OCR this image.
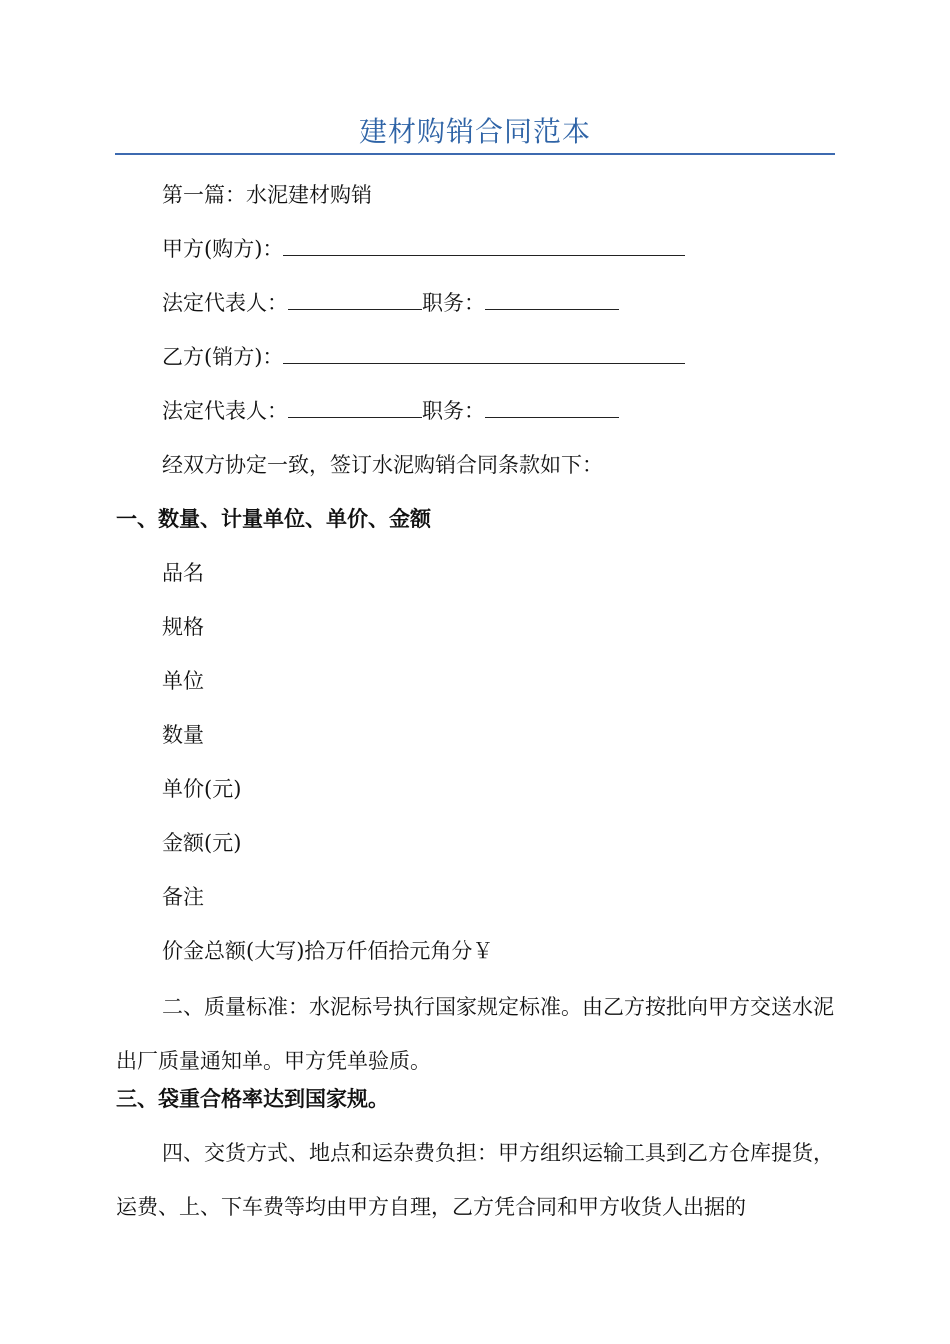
建材购销合同范本
第一篇：水泥建材购销
甲方(购方)：
法定代表人：	职务：
乙方(销方)：
法定代表人：	职务：
经双方协定一致，签订水泥购销合同条款如下：
一、数量、计量单位、单价、金额
品名
规格
单位
数量
单价(元)
金额(元)
备注
价金总额(大写)拾万仟佰拾元角分￥
二、质量标准：水泥标号执行国家规定标准。由乙方按批向甲方交送水泥出厂质量通知单。甲方凭单验质。
三、袋重合格率达到国家规。
四、交货方式、地点和运杂费负担：甲方组织运输工具到乙方仓库提货，运费、上、下车费等均由甲方自理，乙方凭合同和甲方收货人出据的
